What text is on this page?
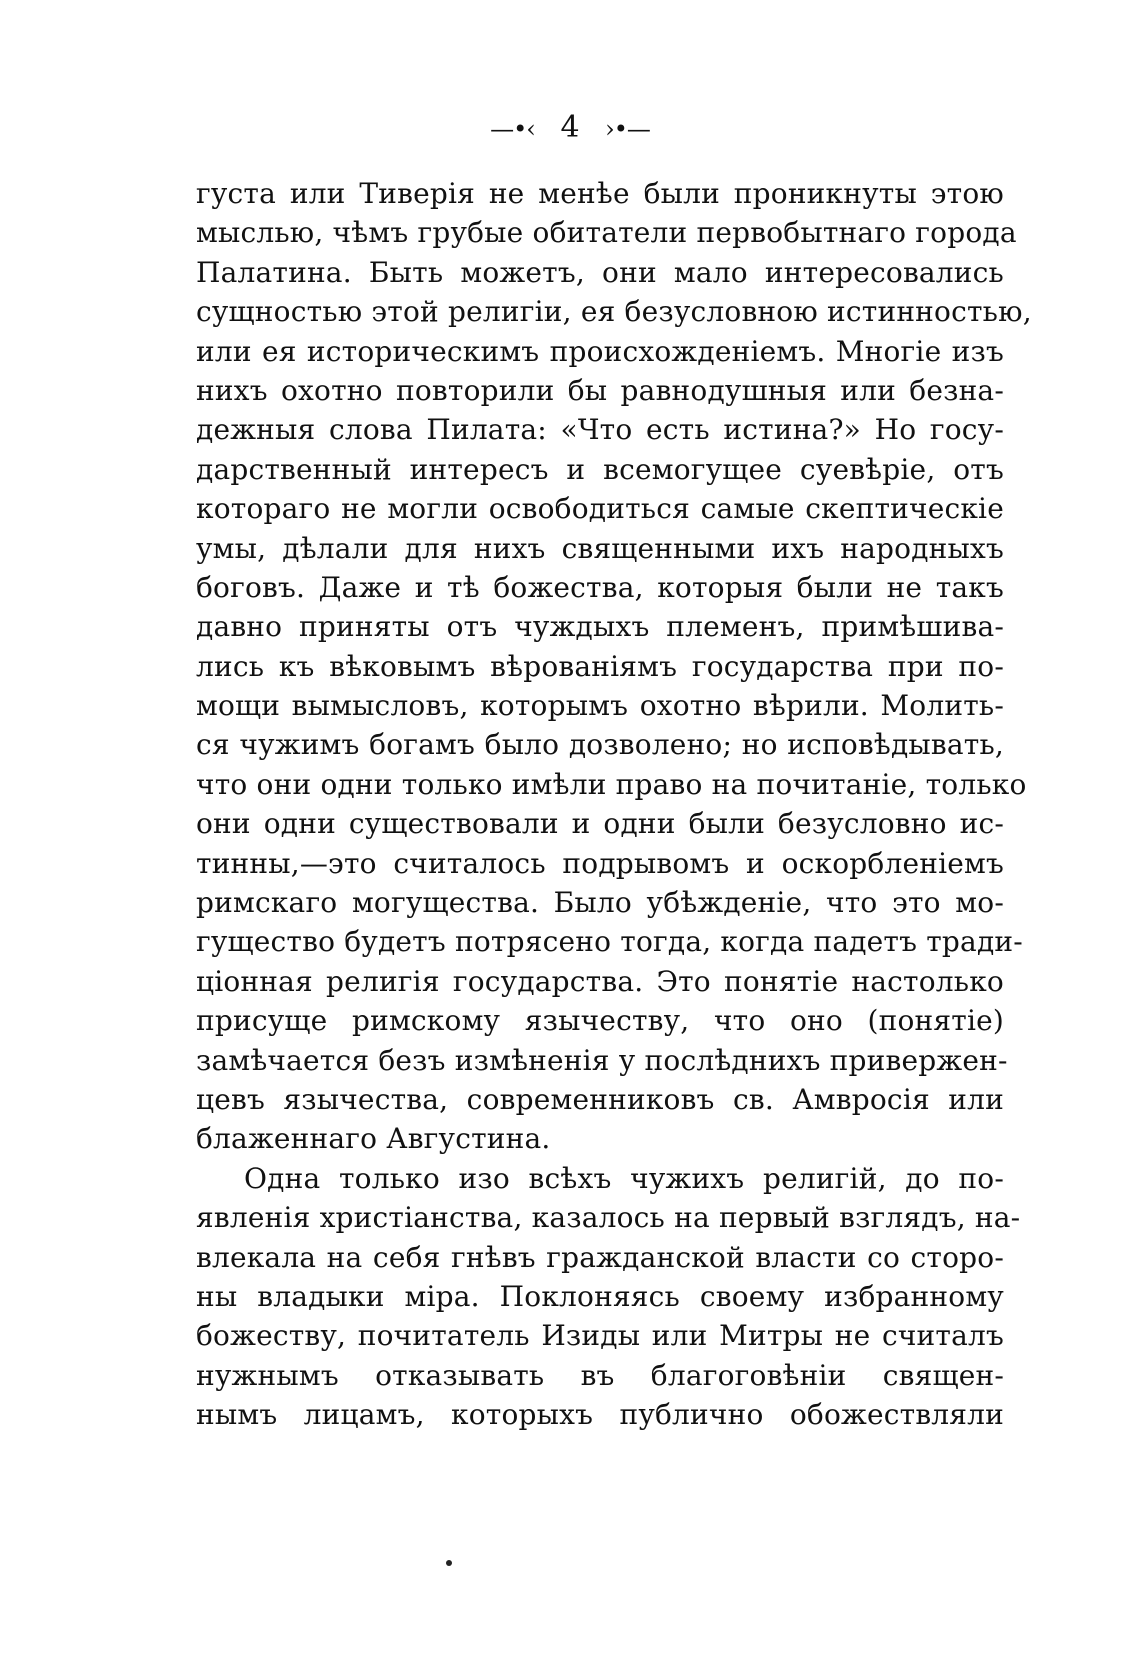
—•‹ 4 ›•—
густа или Тиверія не менѣе были проникнуты этою
мыслью, чѣмъ грубые обитатели первобытнаго города
Палатина. Быть можетъ, они мало интересовались
сущностью этой религіи, ея безусловною истинностью,
или ея историческимъ происхожденіемъ. Многіе изъ
нихъ охотно повторили бы равнодушныя или безна-
дежныя слова Пилата: «Что есть истина?» Но госу-
дарственный интересъ и всемогущее суевѣріе, отъ
котораго не могли освободиться самые скептическіе
умы, дѣлали для нихъ священными ихъ народныхъ
боговъ. Даже и тѣ божества, которыя были не такъ
давно приняты отъ чуждыхъ племенъ, примѣшива-
лись къ вѣковымъ вѣрованіямъ государства при по-
мощи вымысловъ, которымъ охотно вѣрили. Молить-
ся чужимъ богамъ было дозволено; но исповѣдывать,
что они одни только имѣли право на почитаніе, только
они одни существовали и одни были безусловно ис-
тинны,—это считалось подрывомъ и оскорбленіемъ
римскаго могущества. Было убѣжденіе, что это мо-
гущество будетъ потрясено тогда, когда падетъ тради-
ціонная религія государства. Это понятіе настолько
присуще римскому язычеству, что оно (понятіе)
замѣчается безъ измѣненія у послѣднихъ привержен-
цевъ язычества, современниковъ св. Амвросія или
блаженнаго Августина.
Одна только изо всѣхъ чужихъ религій, до по-
явленія христіанства, казалось на первый взглядъ, на-
влекала на себя гнѣвъ гражданской власти со сторо-
ны владыки міра. Поклоняясь своему избранному
божеству, почитатель Изиды или Митры не считалъ
нужнымъ отказывать въ благоговѣніи священ-
нымъ лицамъ, которыхъ публично обожествляли
